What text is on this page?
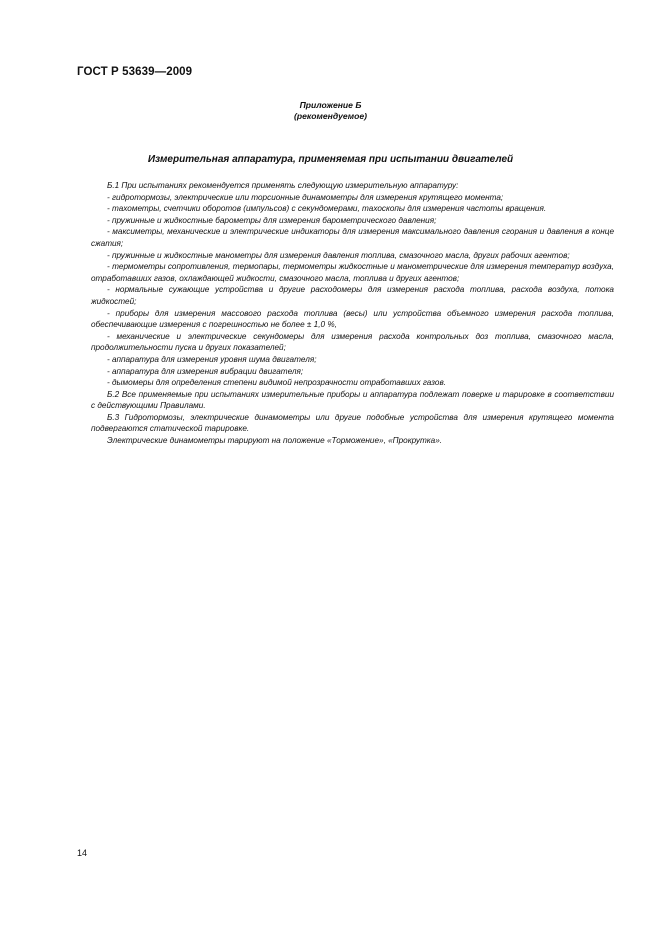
ГОСТ Р 53639—2009
Приложение Б
(рекомендуемое)
Измерительная аппаратура, применяемая при испытании двигателей

Б.1 При испытаниях рекомендуется применять следующую измерительную аппаратуру:

- гидротормозы, электрические или торсионные динамометры для измерения крутящего момента;

- тахометры, счетчики оборотов (импульсов) с секундомерами, тахоскопы для измерения частоты вращения.

- пружинные и жидкостные барометры для измерения барометрического давления;

- максиметры, механические и электрические индикаторы для измерения максимального давления сгорания и давления в конце сжатия;

- пружинные и жидкостные манометры для измерения давления топлива, смазочного масла, других рабочих агентов;

- термометры сопротивления, термопары, термометры жидкостные и манометрические для измерения температур воздуха, отработавших газов, охлаждающей жидкости, смазочного масла, топлива и других агентов;

- нормальные сужающие устройства и другие расходомеры для измерения расхода топлива, расхода воздуха, потока жидкостей;

- приборы для измерения массового расхода топлива (весы) или устройства объемного измерения расхода топлива, обеспечивающие измерения с погрешностью не более ± 1,0 %,

- механические и электрические секундомеры для измерения расхода контрольных доз топлива, смазочного масла, продолжительности пуска и других показателей;

- аппаратура для измерения уровня шума двигателя;

- аппаратура для измерения вибрации двигателя;

- дымомеры для определения степени видимой непрозрачности отработавших газов.

Б.2 Все применяемые при испытаниях измерительные приборы и аппаратура подлежат поверке и тарировке в соответствии с действующими Правилами.

Б.3 Гидротормозы, электрические динамометры или другие подобные устройства для измерения крутящего момента подвергаются статической тарировке.

Электрические динамометры тарируют на положение «Торможение», «Прокрутка».

14
